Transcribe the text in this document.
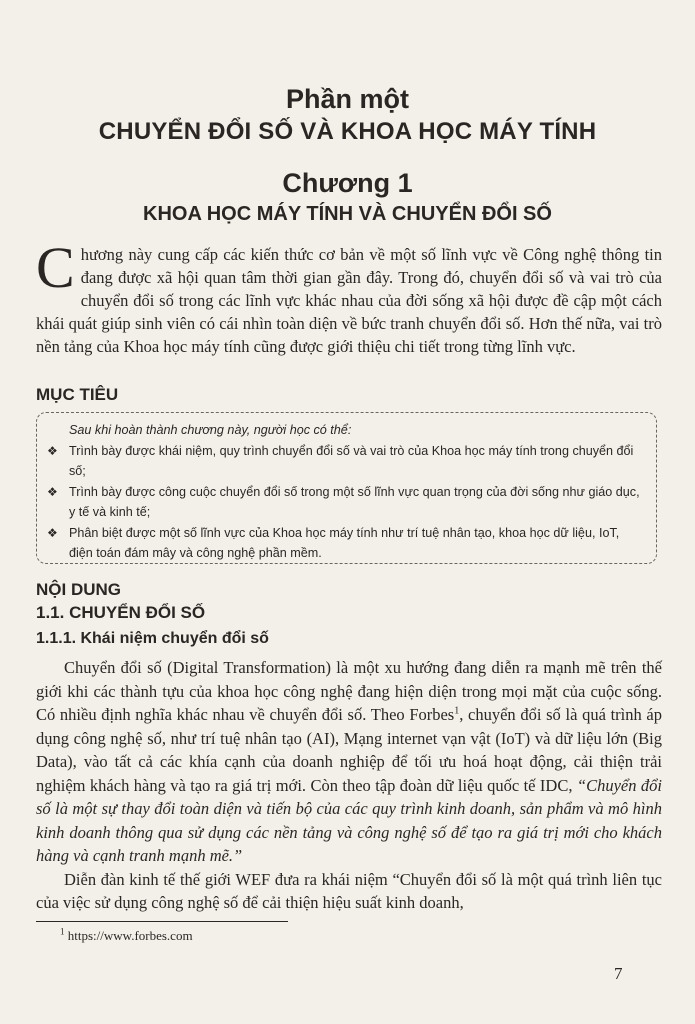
Phần một
CHUYỂN ĐỔI SỐ VÀ KHOA HỌC MÁY TÍNH
Chương 1
KHOA HỌC MÁY TÍNH VÀ CHUYỂN ĐỔI SỐ
Chương này cung cấp các kiến thức cơ bản về một số lĩnh vực về Công nghệ thông tin đang được xã hội quan tâm thời gian gần đây. Trong đó, chuyển đổi số và vai trò của chuyển đổi số trong các lĩnh vực khác nhau của đời sống xã hội được đề cập một cách khái quát giúp sinh viên có cái nhìn toàn diện về bức tranh chuyển đổi số. Hơn thế nữa, vai trò nền tảng của Khoa học máy tính cũng được giới thiệu chi tiết trong từng lĩnh vực.
MỤC TIÊU
Sau khi hoàn thành chương này, người học có thể:
❖ Trình bày được khái niệm, quy trình chuyển đổi số và vai trò của Khoa học máy tính trong chuyển đổi số;
❖ Trình bày được công cuộc chuyển đổi số trong một số lĩnh vực quan trọng của đời sống như giáo dục, y tế và kinh tế;
❖ Phân biệt được một số lĩnh vực của Khoa học máy tính như trí tuệ nhân tạo, khoa học dữ liệu, IoT, điện toán đám mây và công nghệ phần mềm.
NỘI DUNG
1.1. CHUYỂN ĐỔI SỐ
1.1.1. Khái niệm chuyển đổi số

Chuyển đổi số (Digital Transformation) là một xu hướng đang diễn ra mạnh mẽ trên thế giới khi các thành tựu của khoa học công nghệ đang hiện diện trong mọi mặt của cuộc sống. Có nhiều định nghĩa khác nhau về chuyển đổi số. Theo Forbes$^1$, chuyển đổi số là quá trình áp dụng công nghệ số, như trí tuệ nhân tạo (AI), Mạng internet vạn vật (IoT) và dữ liệu lớn (Big Data), vào tất cả các khía cạnh của doanh nghiệp để tối ưu hoá hoạt động, cải thiện trải nghiệm khách hàng và tạo ra giá trị mới. Còn theo tập đoàn dữ liệu quốc tế IDC, “Chuyển đổi số là một sự thay đổi toàn diện và tiến bộ của các quy trình kinh doanh, sản phẩm và mô hình kinh doanh thông qua sử dụng các nền tảng và công nghệ số để tạo ra giá trị mới cho khách hàng và cạnh tranh mạnh mẽ.”

Diễn đàn kinh tế thế giới WEF đưa ra khái niệm “Chuyển đổi số là một quá trình liên tục của việc sử dụng công nghệ số để cải thiện hiệu suất kinh doanh,

$^1$ https://www.forbes.com
7
